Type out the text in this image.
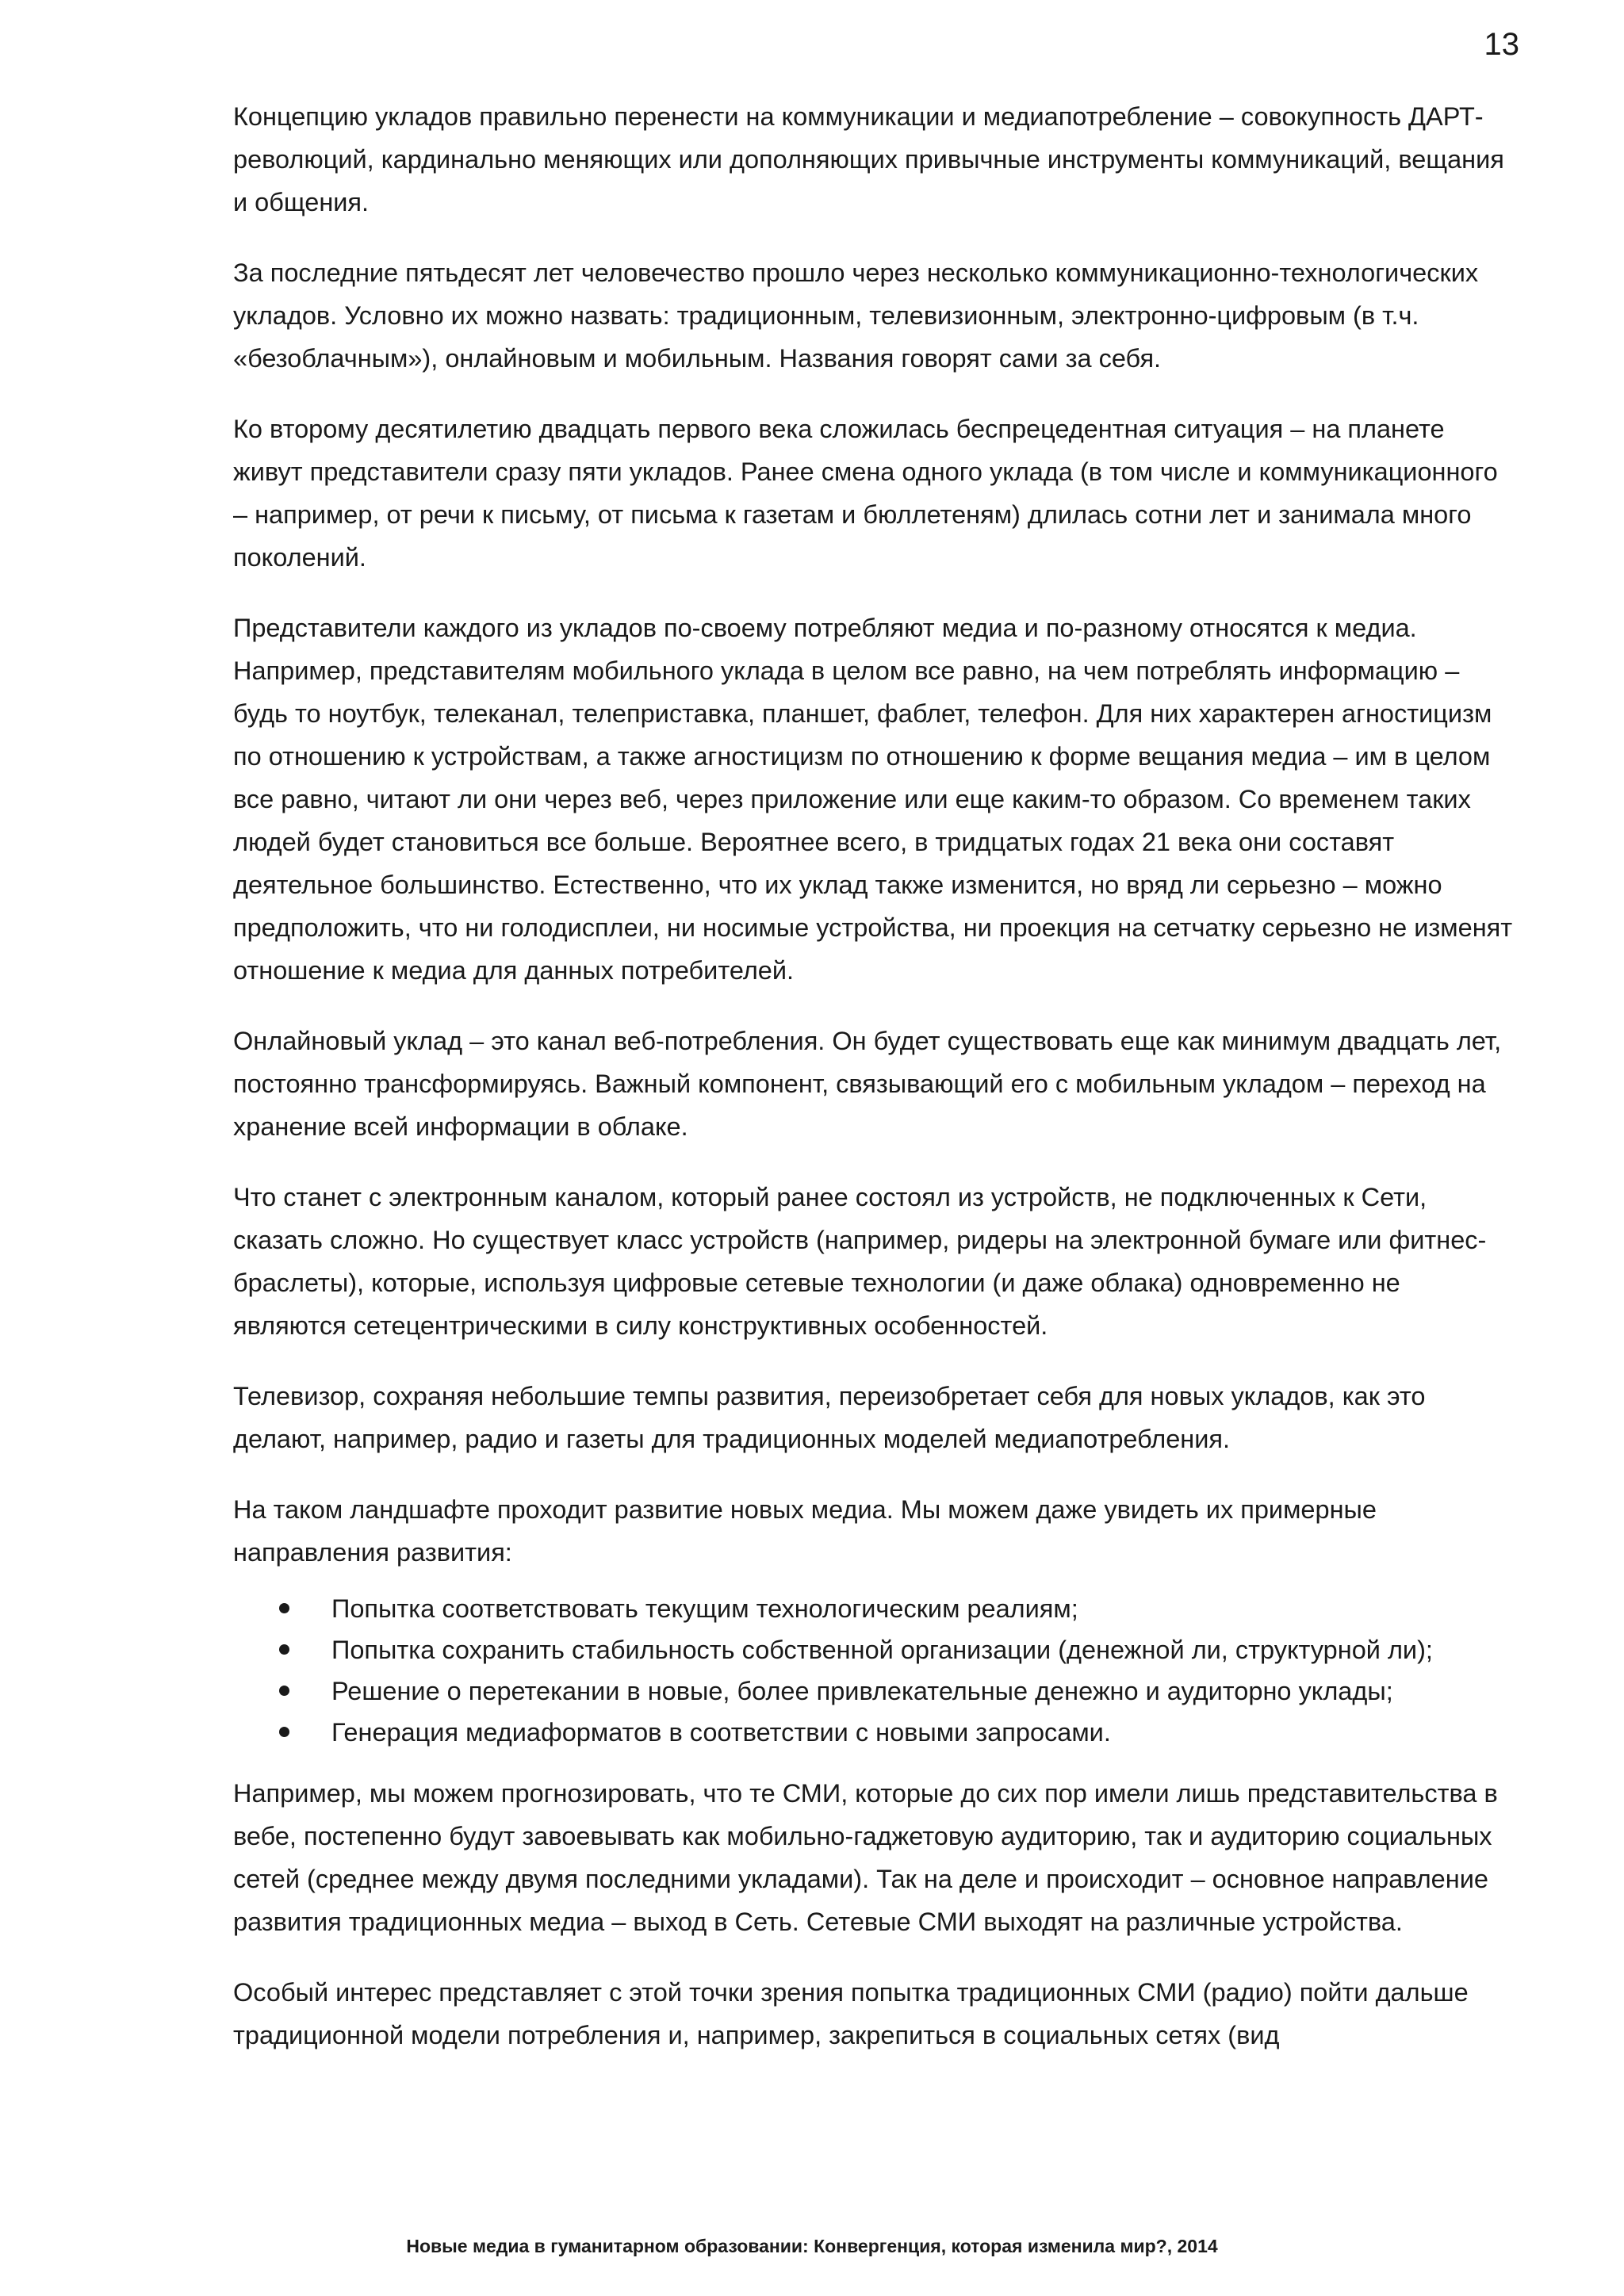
13

Концепцию укладов правильно перенести на коммуникации и медиапотребление – совокупность ДАРТ-революций, кардинально меняющих или дополняющих привычные инструменты коммуникаций, вещания и общения.

За последние пятьдесят лет человечество прошло через несколько коммуникационно-технологических укладов. Условно их можно назвать: традиционным, телевизионным, электронно-цифровым (в т.ч. «безоблачным»), онлайновым и мобильным. Названия говорят сами за себя.

Ко второму десятилетию двадцать первого века сложилась беспрецедентная ситуация – на планете живут представители сразу пяти укладов. Ранее смена одного уклада (в том числе и коммуникационного – например, от речи к письму, от письма к газетам и бюллетеням) длилась сотни лет и занимала много поколений.

Представители каждого из укладов по-своему потребляют медиа и по-разному относятся к медиа. Например, представителям мобильного уклада в целом все равно, на чем потреблять информацию – будь то ноутбук, телеканал, телеприставка, планшет, фаблет, телефон. Для них характерен агностицизм по отношению к устройствам, а также агностицизм по отношению к форме вещания медиа – им в целом все равно, читают ли они через веб, через приложение или еще каким-то образом. Со временем таких людей будет становиться все больше. Вероятнее всего, в тридцатых годах 21 века они составят деятельное большинство. Естественно, что их уклад также изменится, но вряд ли серьезно – можно предположить, что ни голодисплеи, ни носимые устройства, ни проекция на сетчатку серьезно не изменят отношение к медиа для данных потребителей.

Онлайновый уклад – это канал веб-потребления. Он будет существовать еще как минимум двадцать лет, постоянно трансформируясь. Важный компонент, связывающий его с мобильным укладом – переход на хранение всей информации в облаке.

Что станет с электронным каналом, который ранее состоял из устройств, не подключенных к Сети, сказать сложно. Но существует класс устройств (например, ридеры на электронной бумаге или фитнес-браслеты), которые, используя цифровые сетевые технологии (и даже облака) одновременно не являются сетецентрическими в силу конструктивных особенностей.

Телевизор, сохраняя небольшие темпы развития, переизобретает себя для новых укладов, как это делают, например, радио и газеты для традиционных моделей медиапотребления.

На таком ландшафте проходит развитие новых медиа. Мы можем даже увидеть их примерные направления развития:

Попытка соответствовать текущим технологическим реалиям;
Попытка сохранить стабильность собственной организации (денежной ли, структурной ли);
Решение о перетекании в новые, более привлекательные денежно и аудиторно уклады;
Генерация медиаформатов в соответствии с новыми запросами.

Например, мы можем прогнозировать, что те СМИ, которые до сих пор имели лишь представительства в вебе, постепенно будут завоевывать как мобильно-гаджетовую аудиторию, так и аудиторию социальных сетей (среднее между двумя последними укладами). Так на деле и происходит – основное направление развития традиционных медиа – выход в Сеть. Сетевые СМИ выходят на различные устройства.

Особый интерес представляет с этой точки зрения попытка традиционных СМИ (радио) пойти дальше традиционной модели потребления и, например, закрепиться в социальных сетях (вид

Новые медиа в гуманитарном образовании: Конвергенция, которая изменила мир?, 2014
